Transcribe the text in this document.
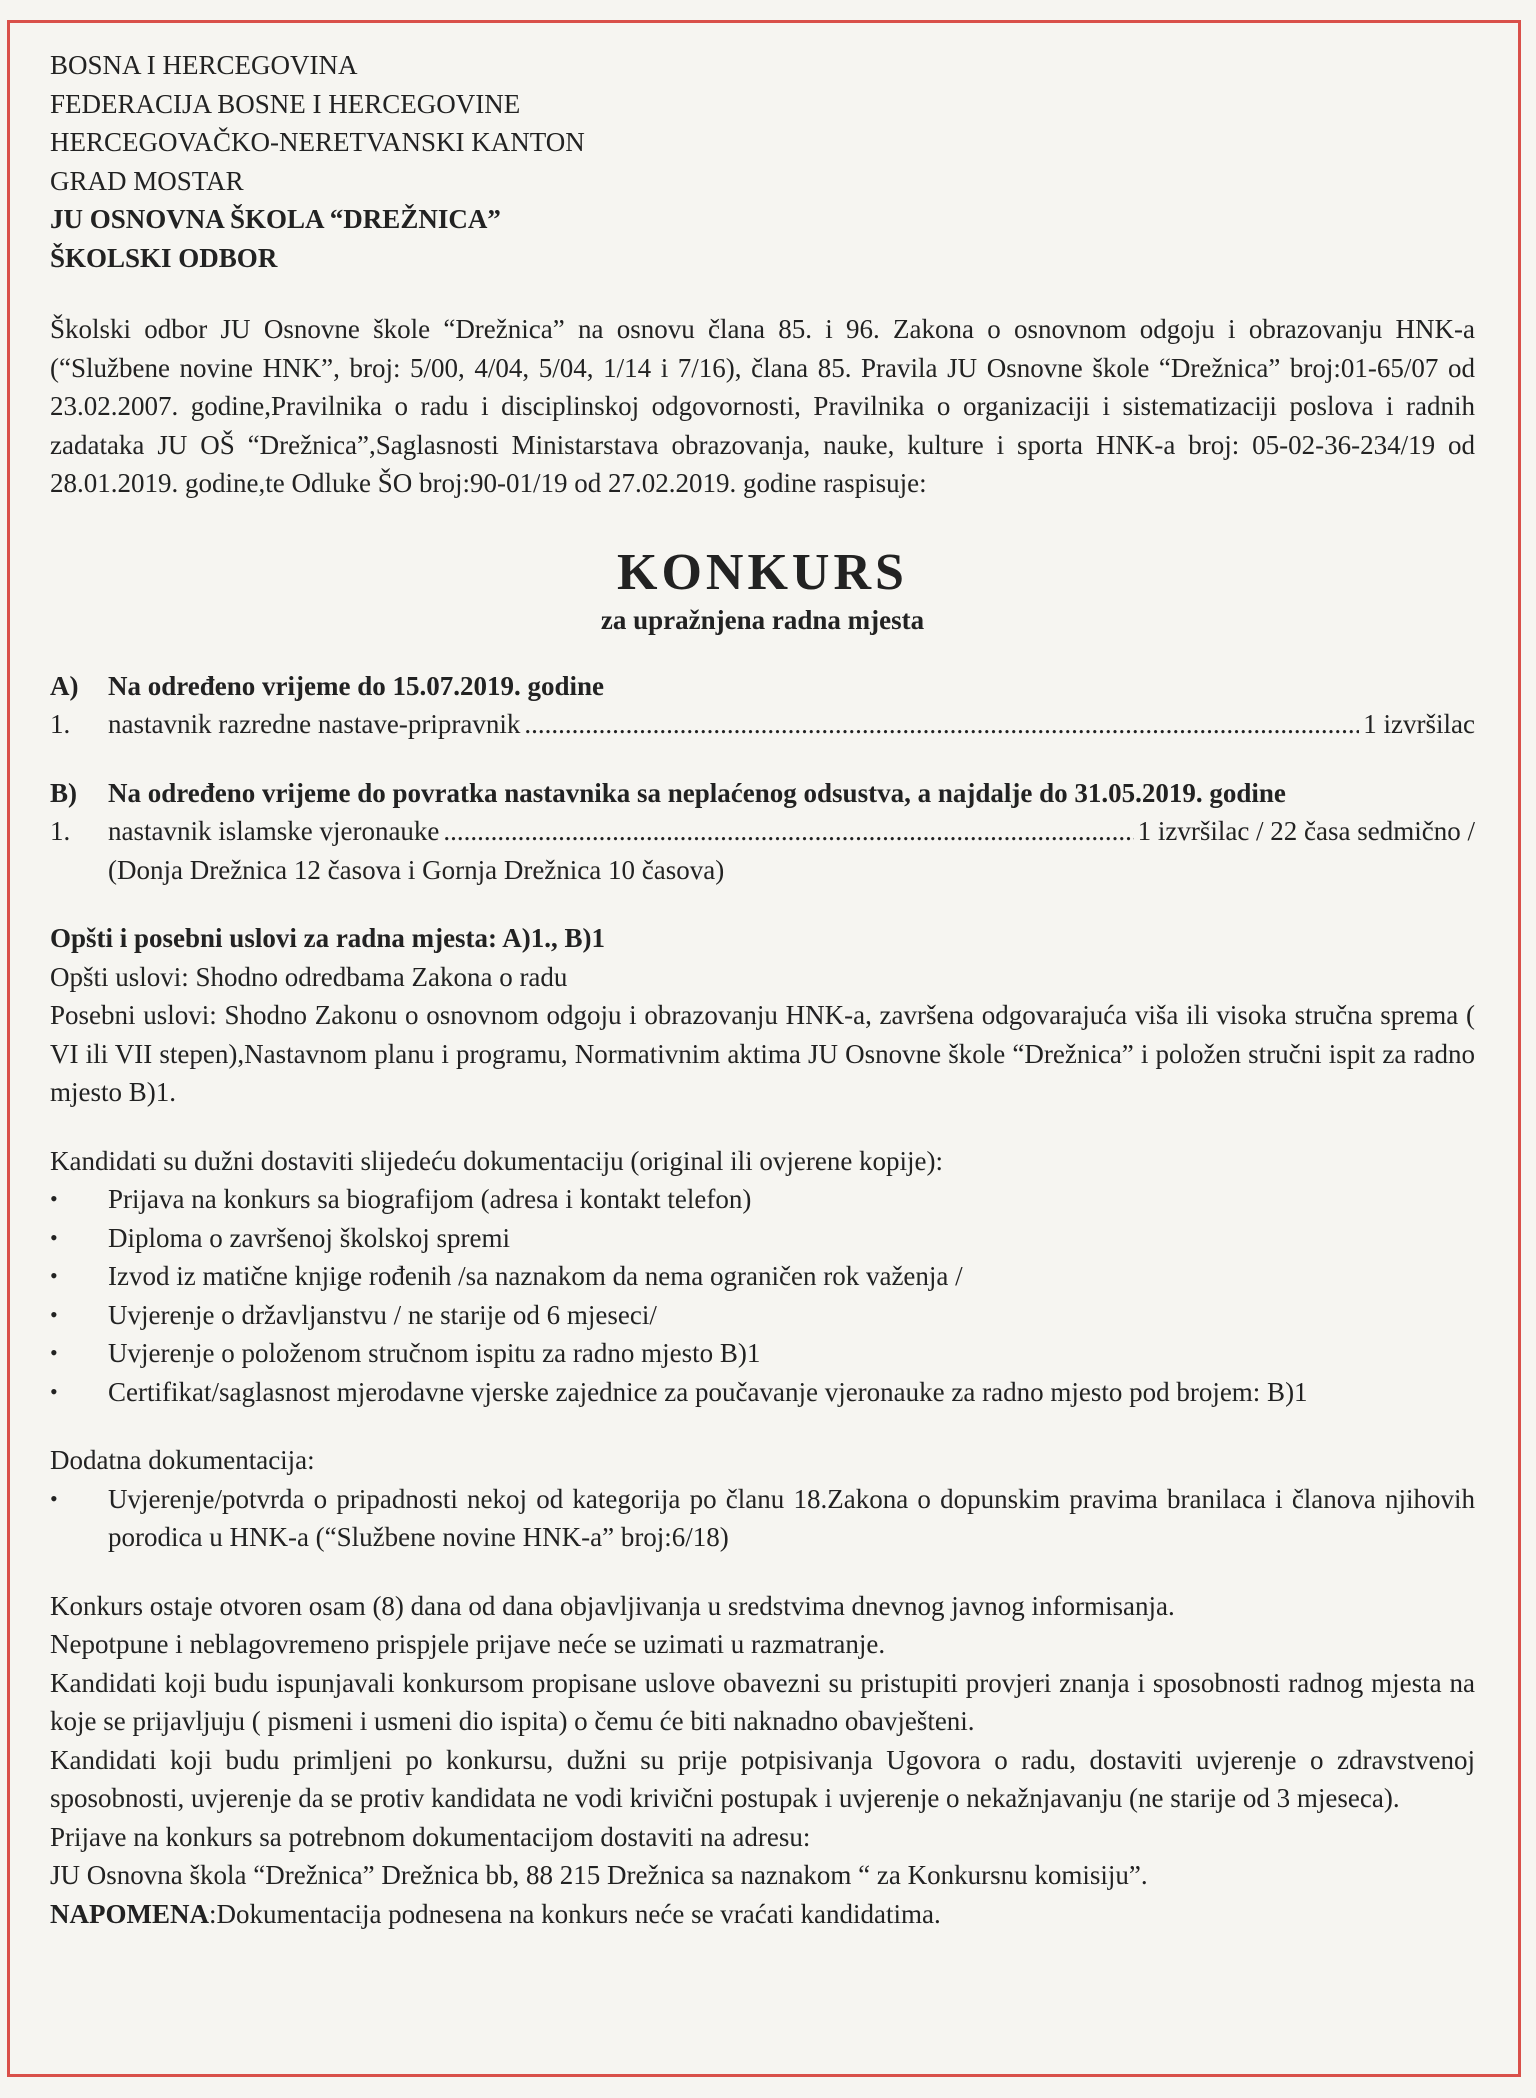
BOSNA I HERCEGOVINA

FEDERACIJA BOSNE I HERCEGOVINE

HERCEGOVAČKO-NERETVANSKI KANTON

GRAD MOSTAR

JU OSNOVNA ŠKOLA “DREŽNICA”

ŠKOLSKI ODBOR

Školski odbor JU Osnovne škole “Drežnica” na osnovu člana 85. i 96. Zakona o osnovnom odgoju i obrazovanju HNK-a (“Službene novine HNK”, broj: 5/00, 4/04, 5/04, 1/14 i 7/16), člana 85. Pravila JU Osnovne škole “Drežnica” broj:01-65/07 od 23.02.2007. godine,Pravilnika o radu i disciplinskoj odgovornosti, Pravilnika o organizaciji i sistematizaciji poslova i radnih zadataka JU OŠ “Drežnica”,Saglasnosti Ministarstava obrazovanja, nauke, kulture i sporta HNK-a broj: 05-02-36-234/19 od 28.01.2019. godine,te Odluke ŠO broj:90-01/19 od 27.02.2019. godine raspisuje:

KONKURS
za upražnjena radna mjesta
A)	Na određeno vrijeme do 15.07.2019. godine
1.	nastavnik razredne nastave-pripravnik .....	1 izvršilac
B)	Na određeno vrijeme do povratka nastavnika sa neplaćenog odsustva, a najdalje do 31.05.2019. godine
1.	nastavnik islamske vjeronauke .....	1 izvršilac / 22 časa sedmično /

(Donja Drežnica 12 časova i Gornja Drežnica 10 časova)

Opšti i posebni uslovi za radna mjesta: A)1., B)1

Opšti uslovi: Shodno odredbama Zakona o radu

Posebni uslovi: Shodno Zakonu o osnovnom odgoju i obrazovanju HNK-a, završena odgovarajuća viša ili visoka stručna sprema ( VI ili VII stepen),Nastavnom planu i programu, Normativnim aktima JU Osnovne škole “Drežnica” i položen stručni ispit za radno mjesto B)1.

Kandidati su dužni dostaviti slijedeću dokumentaciju (original ili ovjerene kopije):

•	Prijava na konkurs sa biografijom (adresa i kontakt telefon)
•	Diploma o završenoj školskoj spremi
•	Izvod iz matične knjige rođenih /sa naznakom da nema ograničen rok važenja /
•	Uvjerenje o državljanstvu / ne starije od 6 mjeseci/
•	Uvjerenje o položenom stručnom ispitu za radno mjesto B)1
•	Certifikat/saglasnost mjerodavne vjerske zajednice za poučavanje vjeronauke za radno mjesto pod brojem: B)1

Dodatna dokumentacija:

•	Uvjerenje/potvrda o pripadnosti nekoj od kategorija po članu 18.Zakona o dopunskim pravima branilaca i članova njihovih porodica u HNK-a (“Službene novine HNK-a” broj:6/18)

Konkurs ostaje otvoren osam (8) dana od dana objavljivanja u sredstvima dnevnog javnog informisanja.

Nepotpune i neblagovremeno prispjele prijave neće se uzimati u razmatranje.

Kandidati koji budu ispunjavali konkursom propisane uslove obavezni su pristupiti provjeri znanja i sposobnosti radnog mjesta na koje se prijavljuju ( pismeni i usmeni dio ispita) o čemu će biti naknadno obavješteni.

Kandidati koji budu primljeni po konkursu, dužni su prije potpisivanja Ugovora o radu, dostaviti uvjerenje o zdravstvenoj sposobnosti, uvjerenje da se protiv kandidata ne vodi krivični postupak i uvjerenje o nekažnjavanju (ne starije od 3 mjeseca).

Prijave na konkurs sa potrebnom dokumentacijom dostaviti na adresu:

JU Osnovna škola “Drežnica” Drežnica bb, 88 215 Drežnica sa naznakom “ za Konkursnu komisiju”.

NAPOMENA:Dokumentacija podnesena na konkurs neće se vraćati kandidatima.
